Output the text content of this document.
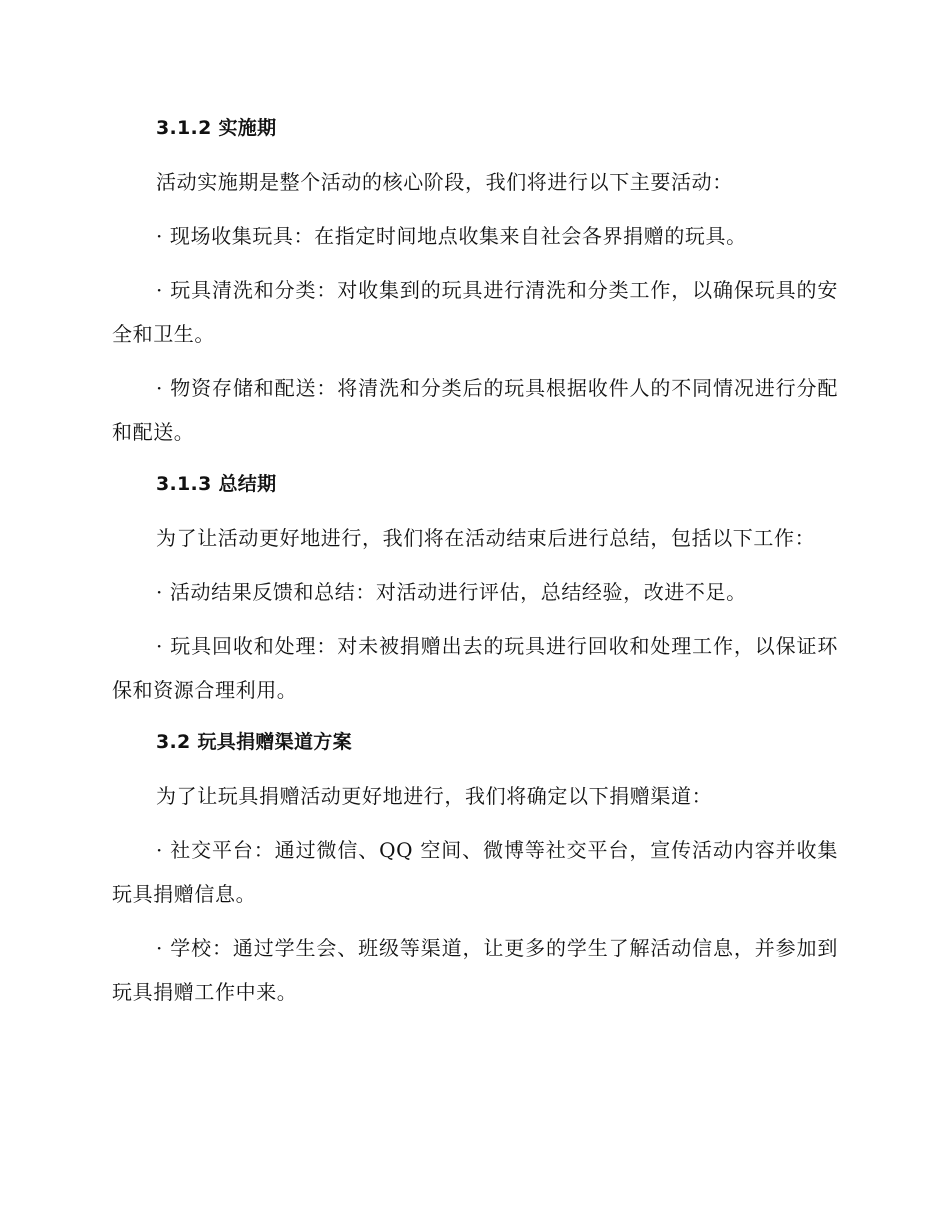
3.1.2 实施期

活动实施期是整个活动的核心阶段，我们将进行以下主要活动：

· 现场收集玩具：在指定时间地点收集来自社会各界捐赠的玩具。

· 玩具清洗和分类：对收集到的玩具进行清洗和分类工作，以确保玩具的安全和卫生。

· 物资存储和配送：将清洗和分类后的玩具根据收件人的不同情况进行分配和配送。

3.1.3 总结期

为了让活动更好地进行，我们将在活动结束后进行总结，包括以下工作：

· 活动结果反馈和总结：对活动进行评估，总结经验，改进不足。

· 玩具回收和处理：对未被捐赠出去的玩具进行回收和处理工作，以保证环保和资源合理利用。

3.2 玩具捐赠渠道方案

为了让玩具捐赠活动更好地进行，我们将确定以下捐赠渠道：

· 社交平台：通过微信、QQ 空间、微博等社交平台，宣传活动内容并收集玩具捐赠信息。

· 学校：通过学生会、班级等渠道，让更多的学生了解活动信息，并参加到玩具捐赠工作中来。
